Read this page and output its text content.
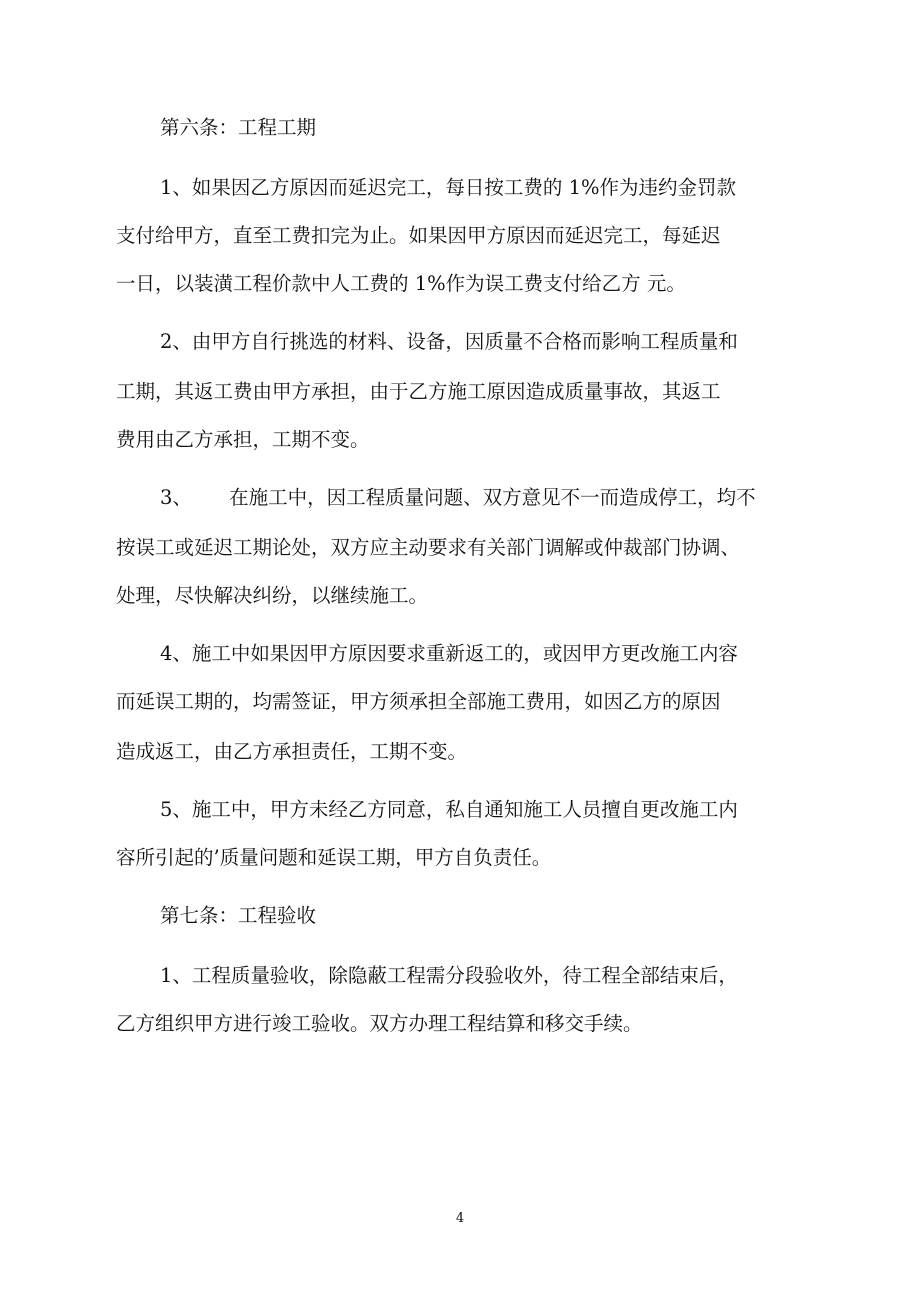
第六条：工程工期
1、如果因乙方原因而延迟完工，每日按工费的 1%作为违约金罚款
支付给甲方，直至工费扣完为止。如果因甲方原因而延迟完工，每延迟
一日，以装潢工程价款中人工费的 1%作为误工费支付给乙方 元。
2、由甲方自行挑选的材料、设备，因质量不合格而影响工程质量和
工期，其返工费由甲方承担，由于乙方施工原因造成质量事故，其返工
费用由乙方承担，工期不变。
3、      在施工中，因工程质量问题、双方意见不一而造成停工，均不
按误工或延迟工期论处，双方应主动要求有关部门调解或仲裁部门协调、
处理，尽快解决纠纷，以继续施工。
4、施工中如果因甲方原因要求重新返工的，或因甲方更改施工内容
而延误工期的，均需签证，甲方须承担全部施工费用，如因乙方的原因
造成返工，由乙方承担责任，工期不变。
5、施工中，甲方未经乙方同意，私自通知施工人员擅自更改施工内
容所引起的’质量问题和延误工期，甲方自负责任。
第七条：工程验收
1、工程质量验收，除隐蔽工程需分段验收外，待工程全部结束后，
乙方组织甲方进行竣工验收。双方办理工程结算和移交手续。
4
